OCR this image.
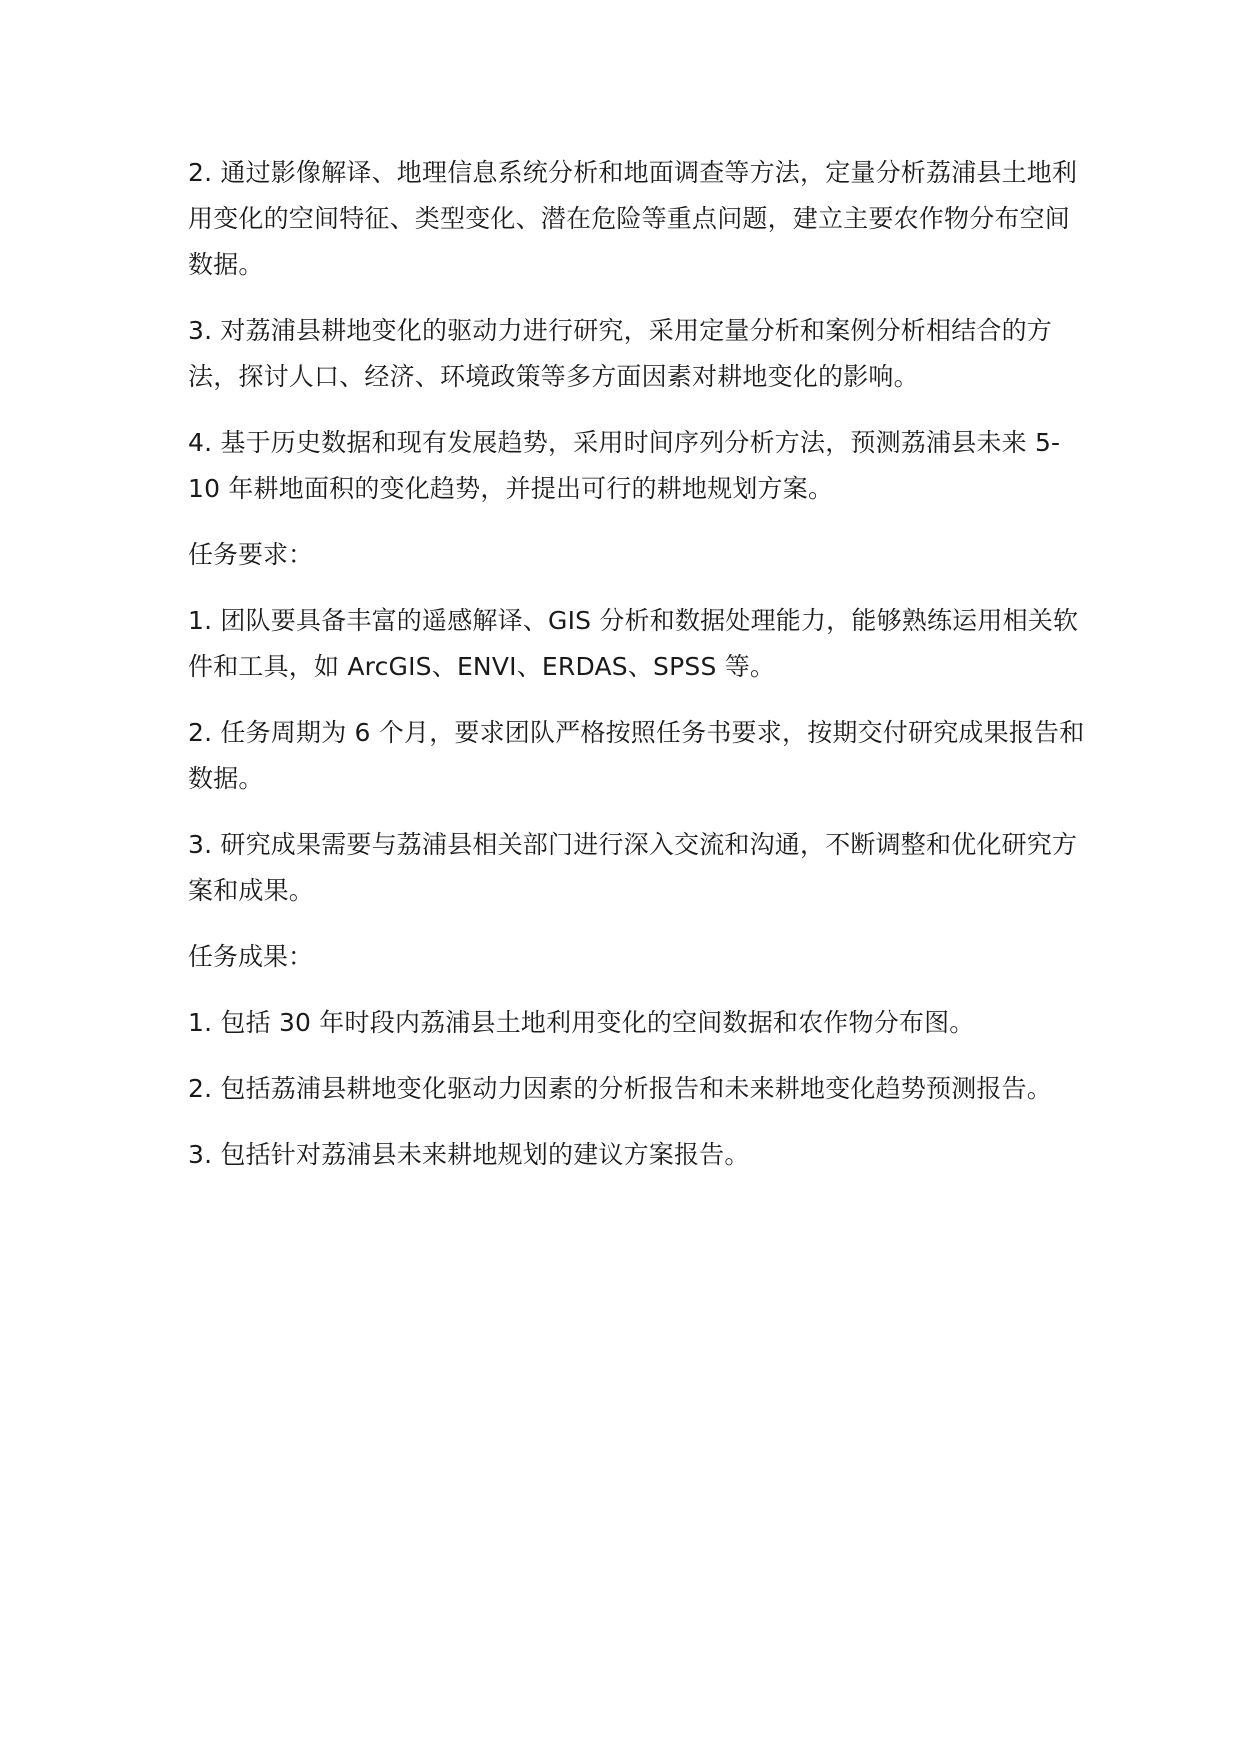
2. 通过影像解译、地理信息系统分析和地面调查等方法，定量分析荔浦县土地利用变化的空间特征、类型变化、潜在危险等重点问题，建立主要农作物分布空间数据。

3. 对荔浦县耕地变化的驱动力进行研究，采用定量分析和案例分析相结合的方法，探讨人口、经济、环境政策等多方面因素对耕地变化的影响。

4. 基于历史数据和现有发展趋势，采用时间序列分析方法，预测荔浦县未来 5-10 年耕地面积的变化趋势，并提出可行的耕地规划方案。

任务要求：

1. 团队要具备丰富的遥感解译、GIS 分析和数据处理能力，能够熟练运用相关软件和工具，如 ArcGIS、ENVI、ERDAS、SPSS 等。

2. 任务周期为 6 个月，要求团队严格按照任务书要求，按期交付研究成果报告和数据。

3. 研究成果需要与荔浦县相关部门进行深入交流和沟通，不断调整和优化研究方案和成果。

任务成果：

1. 包括 30 年时段内荔浦县土地利用变化的空间数据和农作物分布图。

2. 包括荔浦县耕地变化驱动力因素的分析报告和未来耕地变化趋势预测报告。

3. 包括针对荔浦县未来耕地规划的建议方案报告。
